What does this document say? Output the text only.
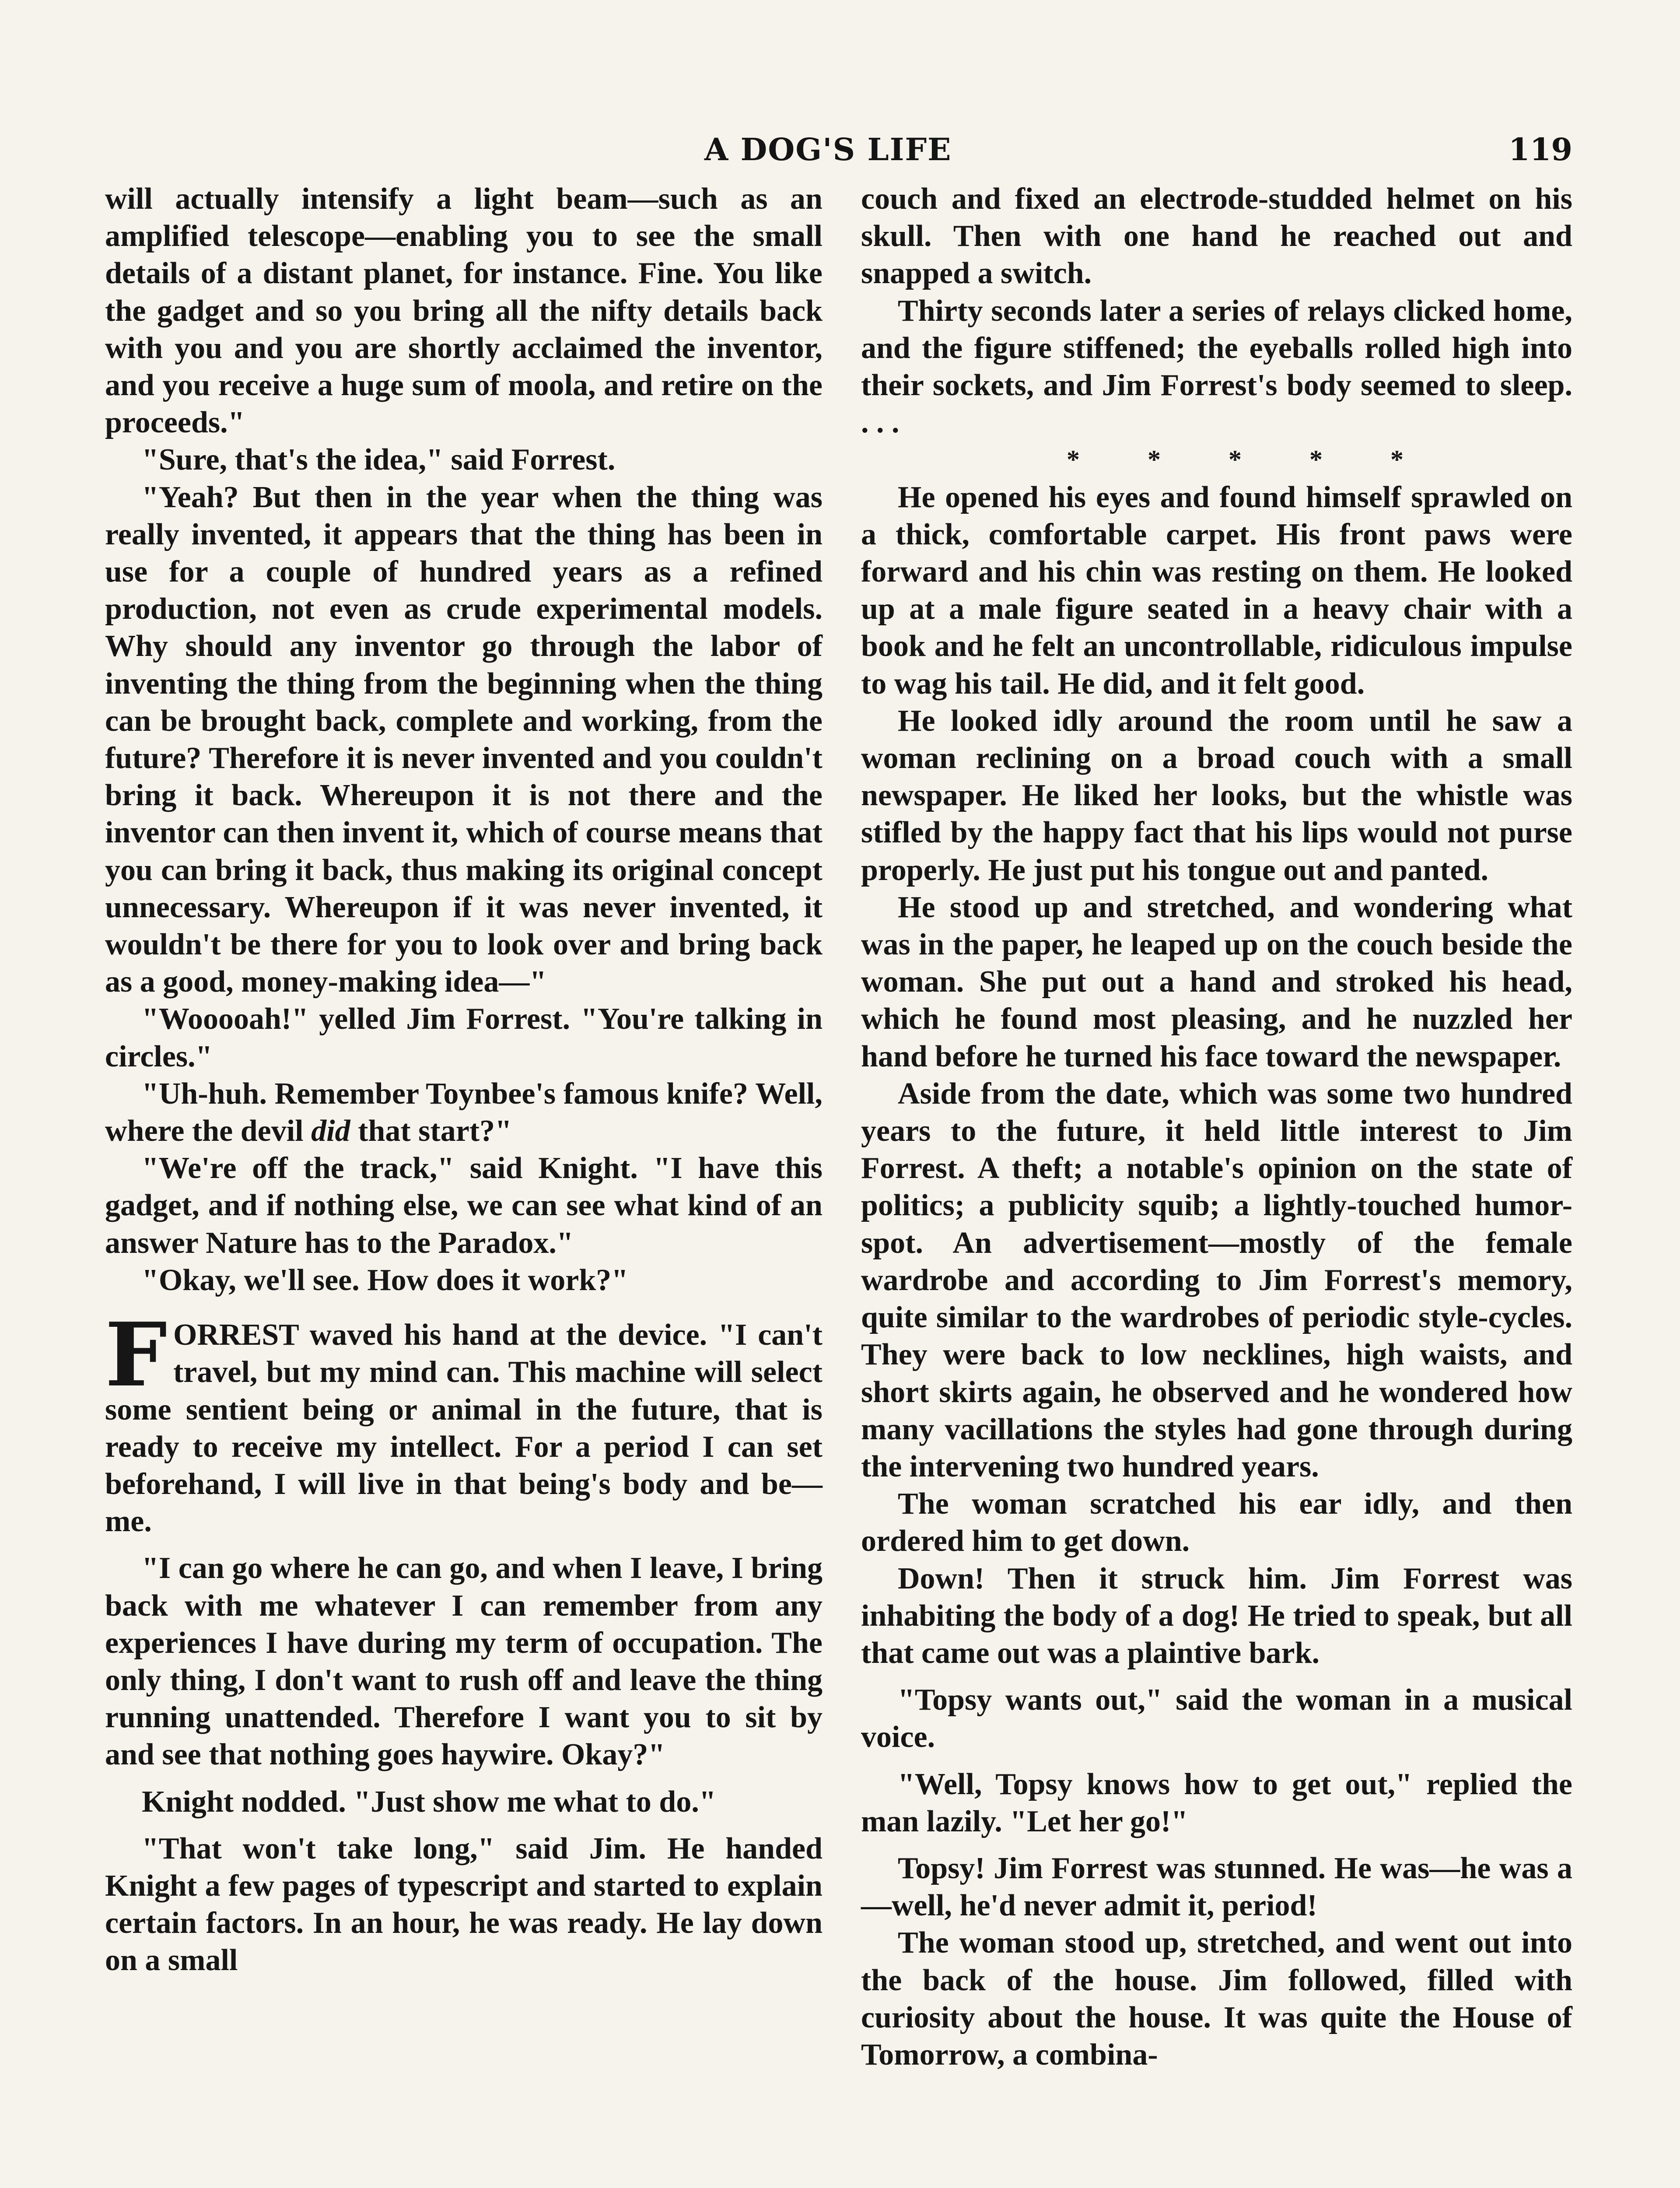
A DOG'S LIFE	119

will actually intensify a light beam—such as an amplified telescope—enabling you to see the small details of a distant planet, for instance. Fine. You like the gadget and so you bring all the nifty details back with you and you are shortly acclaimed the inventor, and you receive a huge sum of moola, and retire on the proceeds."

"Sure, that's the idea," said Forrest.

"Yeah? But then in the year when the thing was really invented, it appears that the thing has been in use for a couple of hundred years as a refined production, not even as crude experimental models. Why should any inventor go through the labor of inventing the thing from the beginning when the thing can be brought back, complete and working, from the future? Therefore it is never invented and you couldn't bring it back. Whereupon it is not there and the inventor can then invent it, which of course means that you can bring it back, thus making its original concept unnecessary. Whereupon if it was never invented, it wouldn't be there for you to look over and bring back as a good, money-making idea—"

"Wooooah!" yelled Jim Forrest. "You're talking in circles."

"Uh-huh. Remember Toynbee's famous knife? Well, where the devil did that start?"

"We're off the track," said Knight. "I have this gadget, and if nothing else, we can see what kind of an answer Nature has to the Paradox."

"Okay, we'll see. How does it work?"

FORREST waved his hand at the device. "I can't travel, but my mind can. This machine will select some sentient being or animal in the future, that is ready to receive my intellect. For a period I can set beforehand, I will live in that being's body and be—me.

"I can go where he can go, and when I leave, I bring back with me whatever I can remember from any experiences I have during my term of occupation. The only thing, I don't want to rush off and leave the thing running unattended. Therefore I want you to sit by and see that nothing goes haywire. Okay?"

Knight nodded. "Just show me what to do."

"That won't take long," said Jim. He handed Knight a few pages of typescript and started to explain certain factors. In an hour, he was ready. He lay down on a small

couch and fixed an electrode-studded helmet on his skull. Then with one hand he reached out and snapped a switch.

Thirty seconds later a series of relays clicked home, and the figure stiffened; the eyeballs rolled high into their sockets, and Jim Forrest's body seemed to sleep. . . .

* * * * *

He opened his eyes and found himself sprawled on a thick, comfortable carpet. His front paws were forward and his chin was resting on them. He looked up at a male figure seated in a heavy chair with a book and he felt an uncontrollable, ridiculous impulse to wag his tail. He did, and it felt good.

He looked idly around the room until he saw a woman reclining on a broad couch with a small newspaper. He liked her looks, but the whistle was stifled by the happy fact that his lips would not purse properly. He just put his tongue out and panted.

He stood up and stretched, and wondering what was in the paper, he leaped up on the couch beside the woman. She put out a hand and stroked his head, which he found most pleasing, and he nuzzled her hand before he turned his face toward the newspaper.

Aside from the date, which was some two hundred years to the future, it held little interest to Jim Forrest. A theft; a notable's opinion on the state of politics; a publicity squib; a lightly-touched humor-spot. An advertisement—mostly of the female wardrobe and according to Jim Forrest's memory, quite similar to the wardrobes of periodic style-cycles. They were back to low necklines, high waists, and short skirts again, he observed and he wondered how many vacillations the styles had gone through during the intervening two hundred years.

The woman scratched his ear idly, and then ordered him to get down.

Down! Then it struck him. Jim Forrest was inhabiting the body of a dog! He tried to speak, but all that came out was a plaintive bark.

"Topsy wants out," said the woman in a musical voice.

"Well, Topsy knows how to get out," replied the man lazily. "Let her go!"

Topsy! Jim Forrest was stunned. He was—he was a—well, he'd never admit it, period!

The woman stood up, stretched, and went out into the back of the house. Jim followed, filled with curiosity about the house. It was quite the House of Tomorrow, a combina-
